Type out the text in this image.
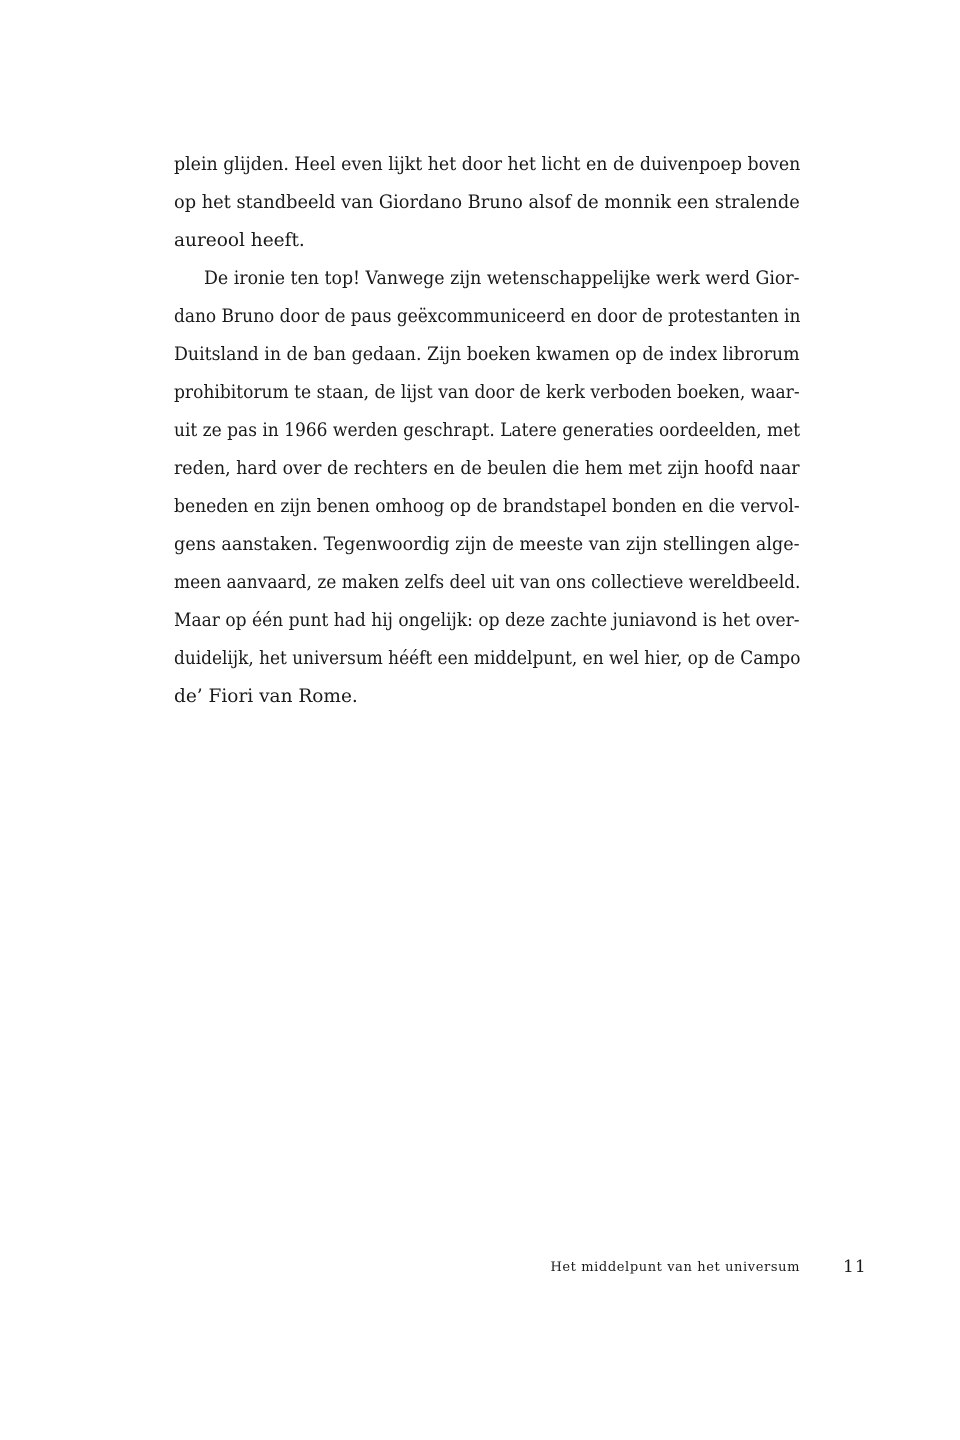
plein glijden. Heel even lijkt het door het licht en de duivenpoep boven
op het standbeeld van Giordano Bruno alsof de monnik een stralende
aureool heeft.
De ironie ten top! Vanwege zijn wetenschappelijke werk werd Gior-
dano Bruno door de paus geëxcommuniceerd en door de protestanten in
Duitsland in de ban gedaan. Zijn boeken kwamen op de index librorum
prohibitorum te staan, de lijst van door de kerk verboden boeken, waar-
uit ze pas in 1966 werden geschrapt. Latere generaties oordeelden, met
reden, hard over de rechters en de beulen die hem met zijn hoofd naar
beneden en zijn benen omhoog op de brandstapel bonden en die vervol-
gens aanstaken. Tegenwoordig zijn de meeste van zijn stellingen alge-
meen aanvaard, ze maken zelfs deel uit van ons collectieve wereldbeeld.
Maar op één punt had hij ongelijk: op deze zachte juniavond is het over-
duidelijk, het universum hééft een middelpunt, en wel hier, op de Campo
de’ Fiori van Rome.
Het middelpunt van het universum	11
